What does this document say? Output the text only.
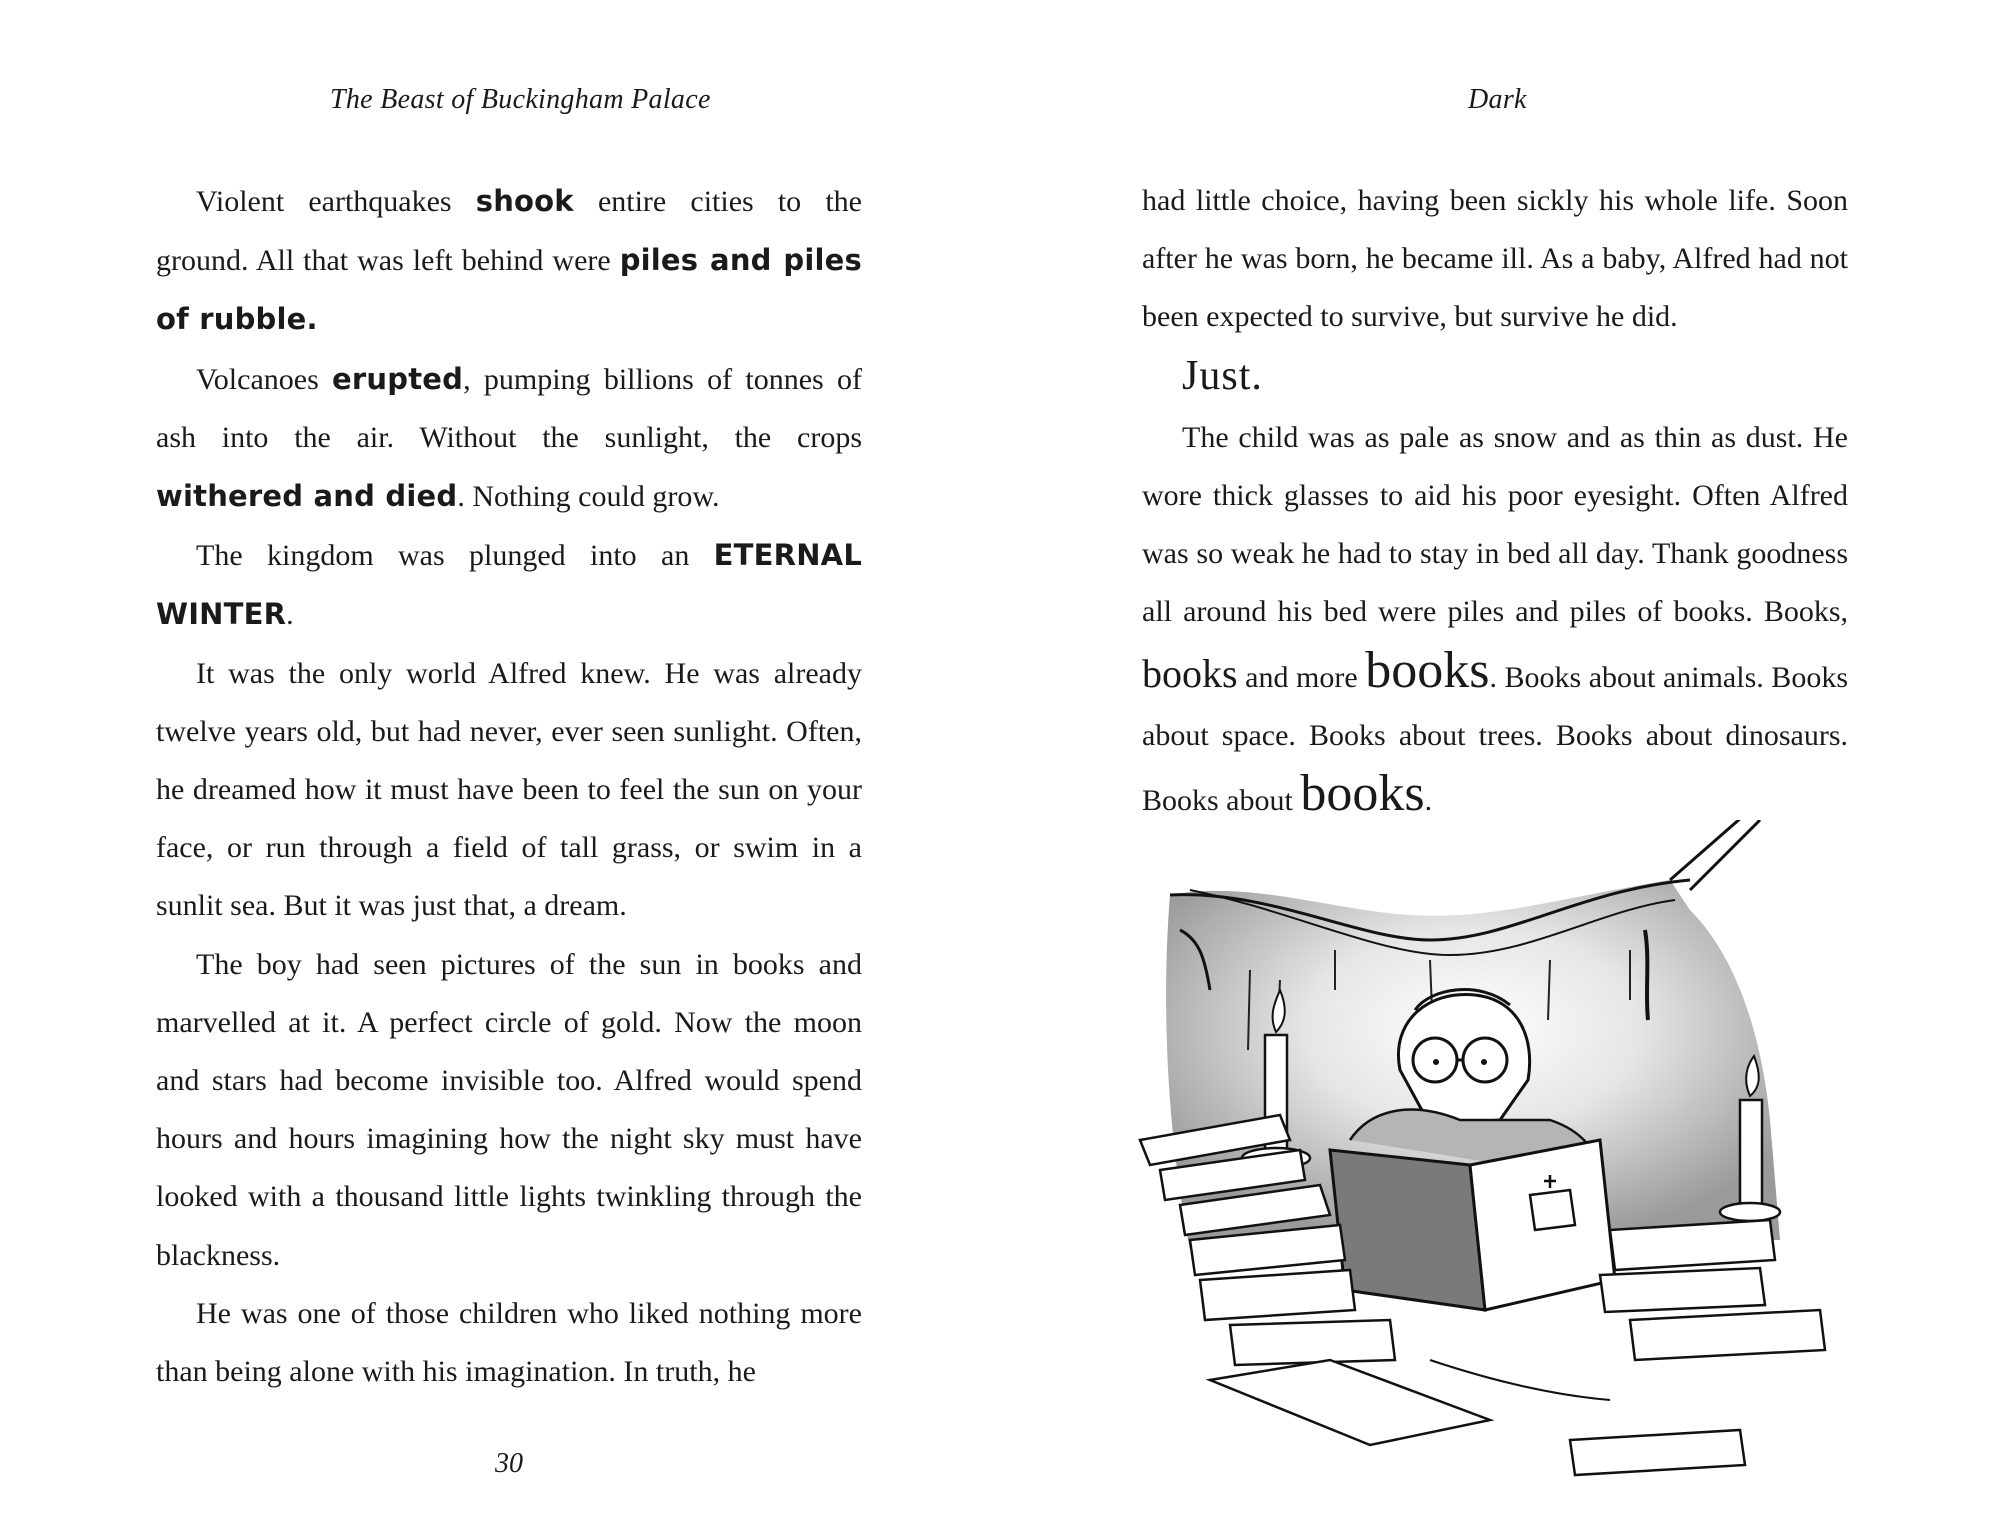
The Beast of Buckingham Palace

Violent earthquakes shook entire cities to the ground. All that was left behind were piles and piles of rubble.

Volcanoes erupted, pumping billions of tonnes of ash into the air. Without the sunlight, the crops withered and died. Nothing could grow.

The kingdom was plunged into an ETERNAL WINTER.

It was the only world Alfred knew. He was already twelve years old, but had never, ever seen sunlight. Often, he dreamed how it must have been to feel the sun on your face, or run through a field of tall grass, or swim in a sunlit sea. But it was just that, a dream.

The boy had seen pictures of the sun in books and marvelled at it. A perfect circle of gold. Now the moon and stars had become invisible too. Alfred would spend hours and hours imagining how the night sky must have looked with a thousand little lights twinkling through the blackness.

He was one of those children who liked nothing more than being alone with his imagination. In truth, he

30
Dark

had little choice, having been sickly his whole life. Soon after he was born, he became ill. As a baby, Alfred had not been expected to survive, but survive he did.

Just.

The child was as pale as snow and as thin as dust. He wore thick glasses to aid his poor eyesight. Often Alfred was so weak he had to stay in bed all day. Thank goodness all around his bed were piles and piles of books. Books, books and more books. Books about animals. Books about space. Books about trees. Books about dinosaurs. Books about books.
